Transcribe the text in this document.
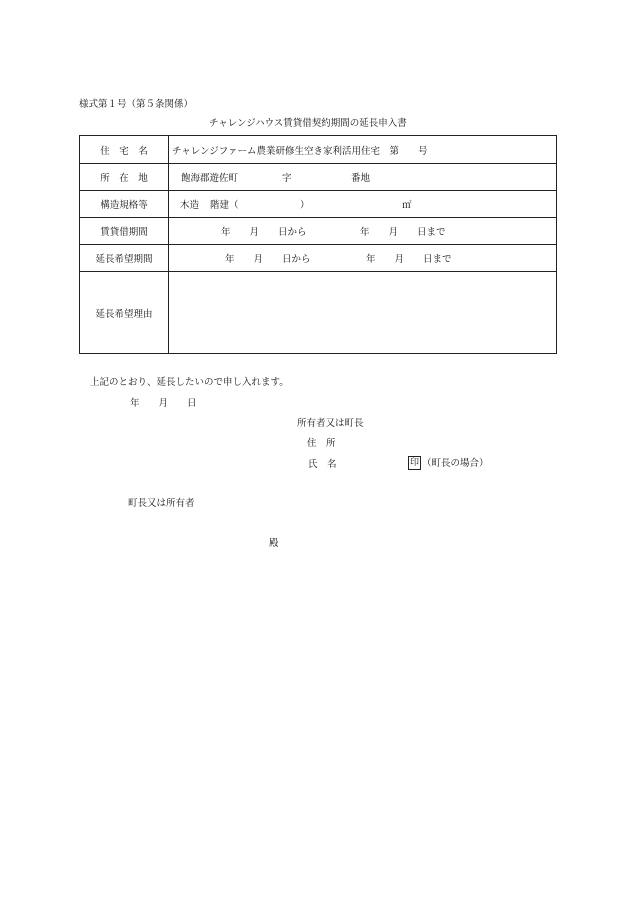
様式第１号（第５条関係）
チャレンジハウス賃貸借契約期間の延長申入書
住　宅　名	チャレンジファーム農業研修生空き家利活用住宅　第　　号

所　在　地	飽海郡遊佐町 字 番地

構造規格等	木造 階建（ ） ㎡

賃貸借期間	年　　月　　日から 年　　月　　日まで

延長希望期間	年　　月　　日から 年　　月　　日まで

延長希望理由	
上記のとおり、延長したいので申し入れます。
年　　月　　日
所有者又は町長
住　所
氏　名	印 （町長の場合）
町長又は所有者
殿
